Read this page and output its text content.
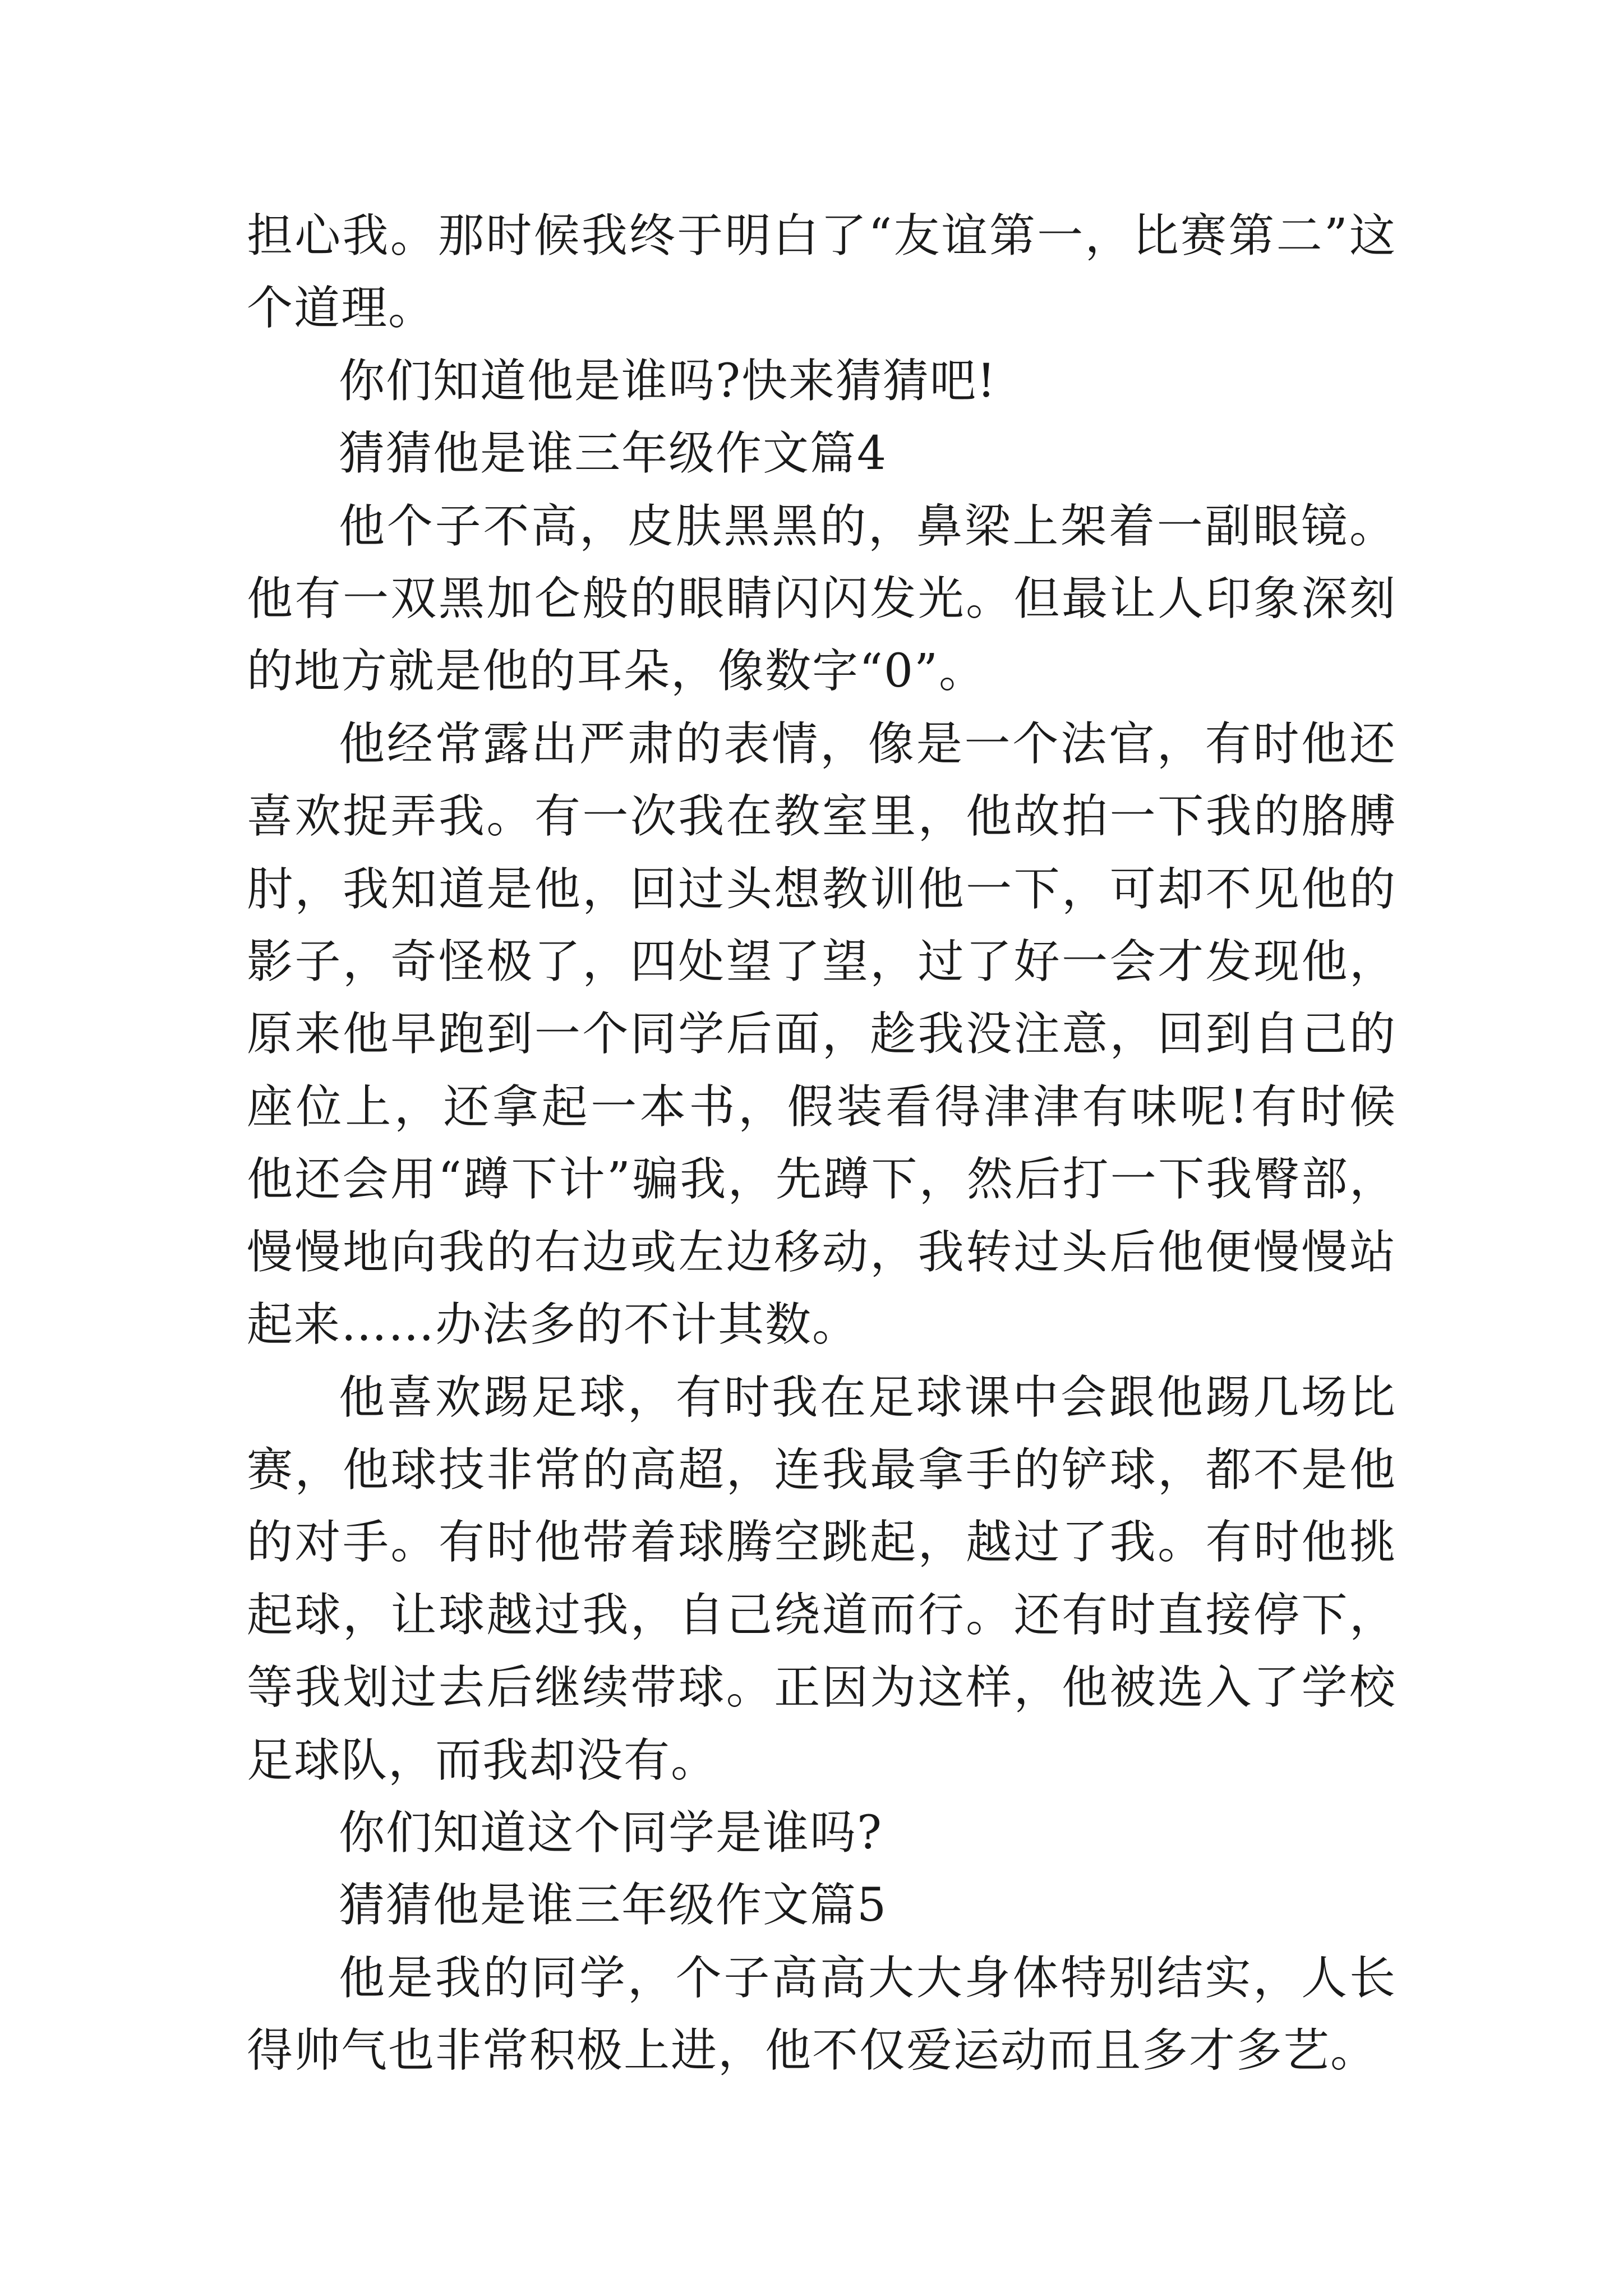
担心我。那时候我终于明白了“友谊第一，比赛第二”这个道理。

你们知道他是谁吗?快来猜猜吧!

猜猜他是谁三年级作文篇4

他个子不高，皮肤黑黑的，鼻梁上架着一副眼镜。他有一双黑加仑般的眼睛闪闪发光。但最让人印象深刻的地方就是他的耳朵，像数字“0”。

他经常露出严肃的表情，像是一个法官，有时他还喜欢捉弄我。有一次我在教室里，他故拍一下我的胳膊肘，我知道是他，回过头想教训他一下，可却不见他的影子，奇怪极了，四处望了望，过了好一会才发现他，原来他早跑到一个同学后面，趁我没注意，回到自己的座位上，还拿起一本书，假装看得津津有味呢!有时候他还会用“蹲下计”骗我，先蹲下，然后打一下我臀部，慢慢地向我的右边或左边移动，我转过头后他便慢慢站起来……办法多的不计其数。

他喜欢踢足球，有时我在足球课中会跟他踢几场比赛，他球技非常的高超，连我最拿手的铲球，都不是他的对手。有时他带着球腾空跳起，越过了我。有时他挑起球，让球越过我，自己绕道而行。还有时直接停下，等我划过去后继续带球。正因为这样，他被选入了学校足球队，而我却没有。

你们知道这个同学是谁吗?

猜猜他是谁三年级作文篇5

他是我的同学，个子高高大大身体特别结实，人长得帅气也非常积极上进，他不仅爱运动而且多才多艺。
